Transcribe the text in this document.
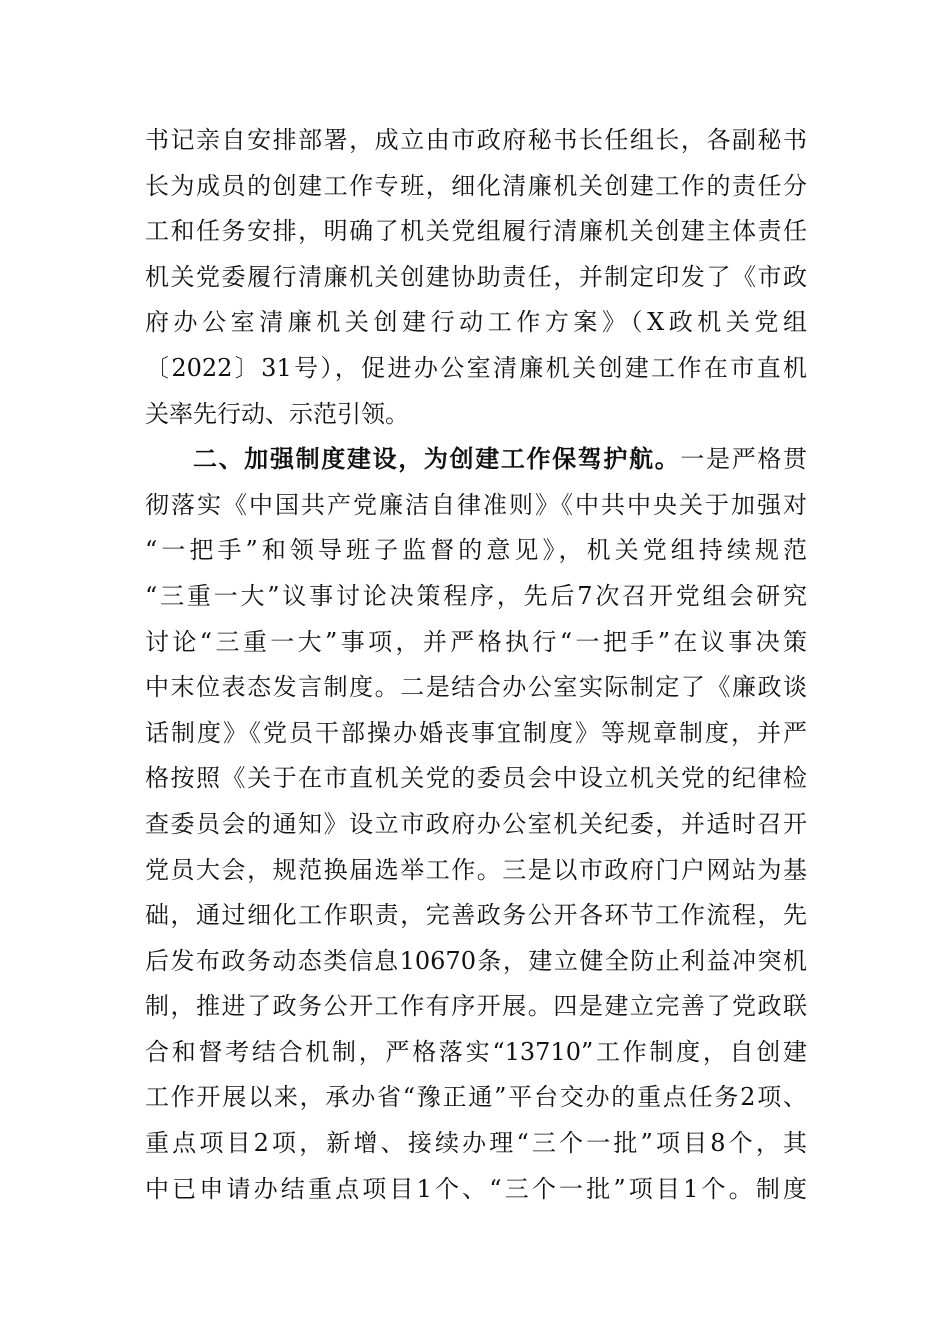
书记亲自安排部署，成立由市政府秘书长任组长，各副秘书
长为成员的创建工作专班，细化清廉机关创建工作的责任分
工和任务安排，明确了机关党组履行清廉机关创建主体责任
机关党委履行清廉机关创建协助责任，并制定印发了《市政
府办公室清廉机关创建行动工作方案》（X政机关党组
〔2022〕31号），促进办公室清廉机关创建工作在市直机
关率先行动、示范引领。
二、加强制度建设，为创建工作保驾护航。一是严格贯
彻落实《中国共产党廉洁自律准则》《中共中央关于加强对
“一把手”和领导班子监督的意见》，机关党组持续规范
“三重一大”议事讨论决策程序，先后7次召开党组会研究
讨论“三重一大”事项，并严格执行“一把手”在议事决策
中末位表态发言制度。二是结合办公室实际制定了《廉政谈
话制度》《党员干部操办婚丧事宜制度》等规章制度，并严
格按照《关于在市直机关党的委员会中设立机关党的纪律检
查委员会的通知》设立市政府办公室机关纪委，并适时召开
党员大会，规范换届选举工作。三是以市政府门户网站为基
础，通过细化工作职责，完善政务公开各环节工作流程，先
后发布政务动态类信息10670条，建立健全防止利益冲突机
制，推进了政务公开工作有序开展。四是建立完善了党政联
合和督考结合机制，严格落实“13710”工作制度，自创建
工作开展以来，承办省“豫正通”平台交办的重点任务2项、
重点项目2项，新增、接续办理“三个一批”项目8个，其
中已申请办结重点项目1个、“三个一批”项目1个。制度
